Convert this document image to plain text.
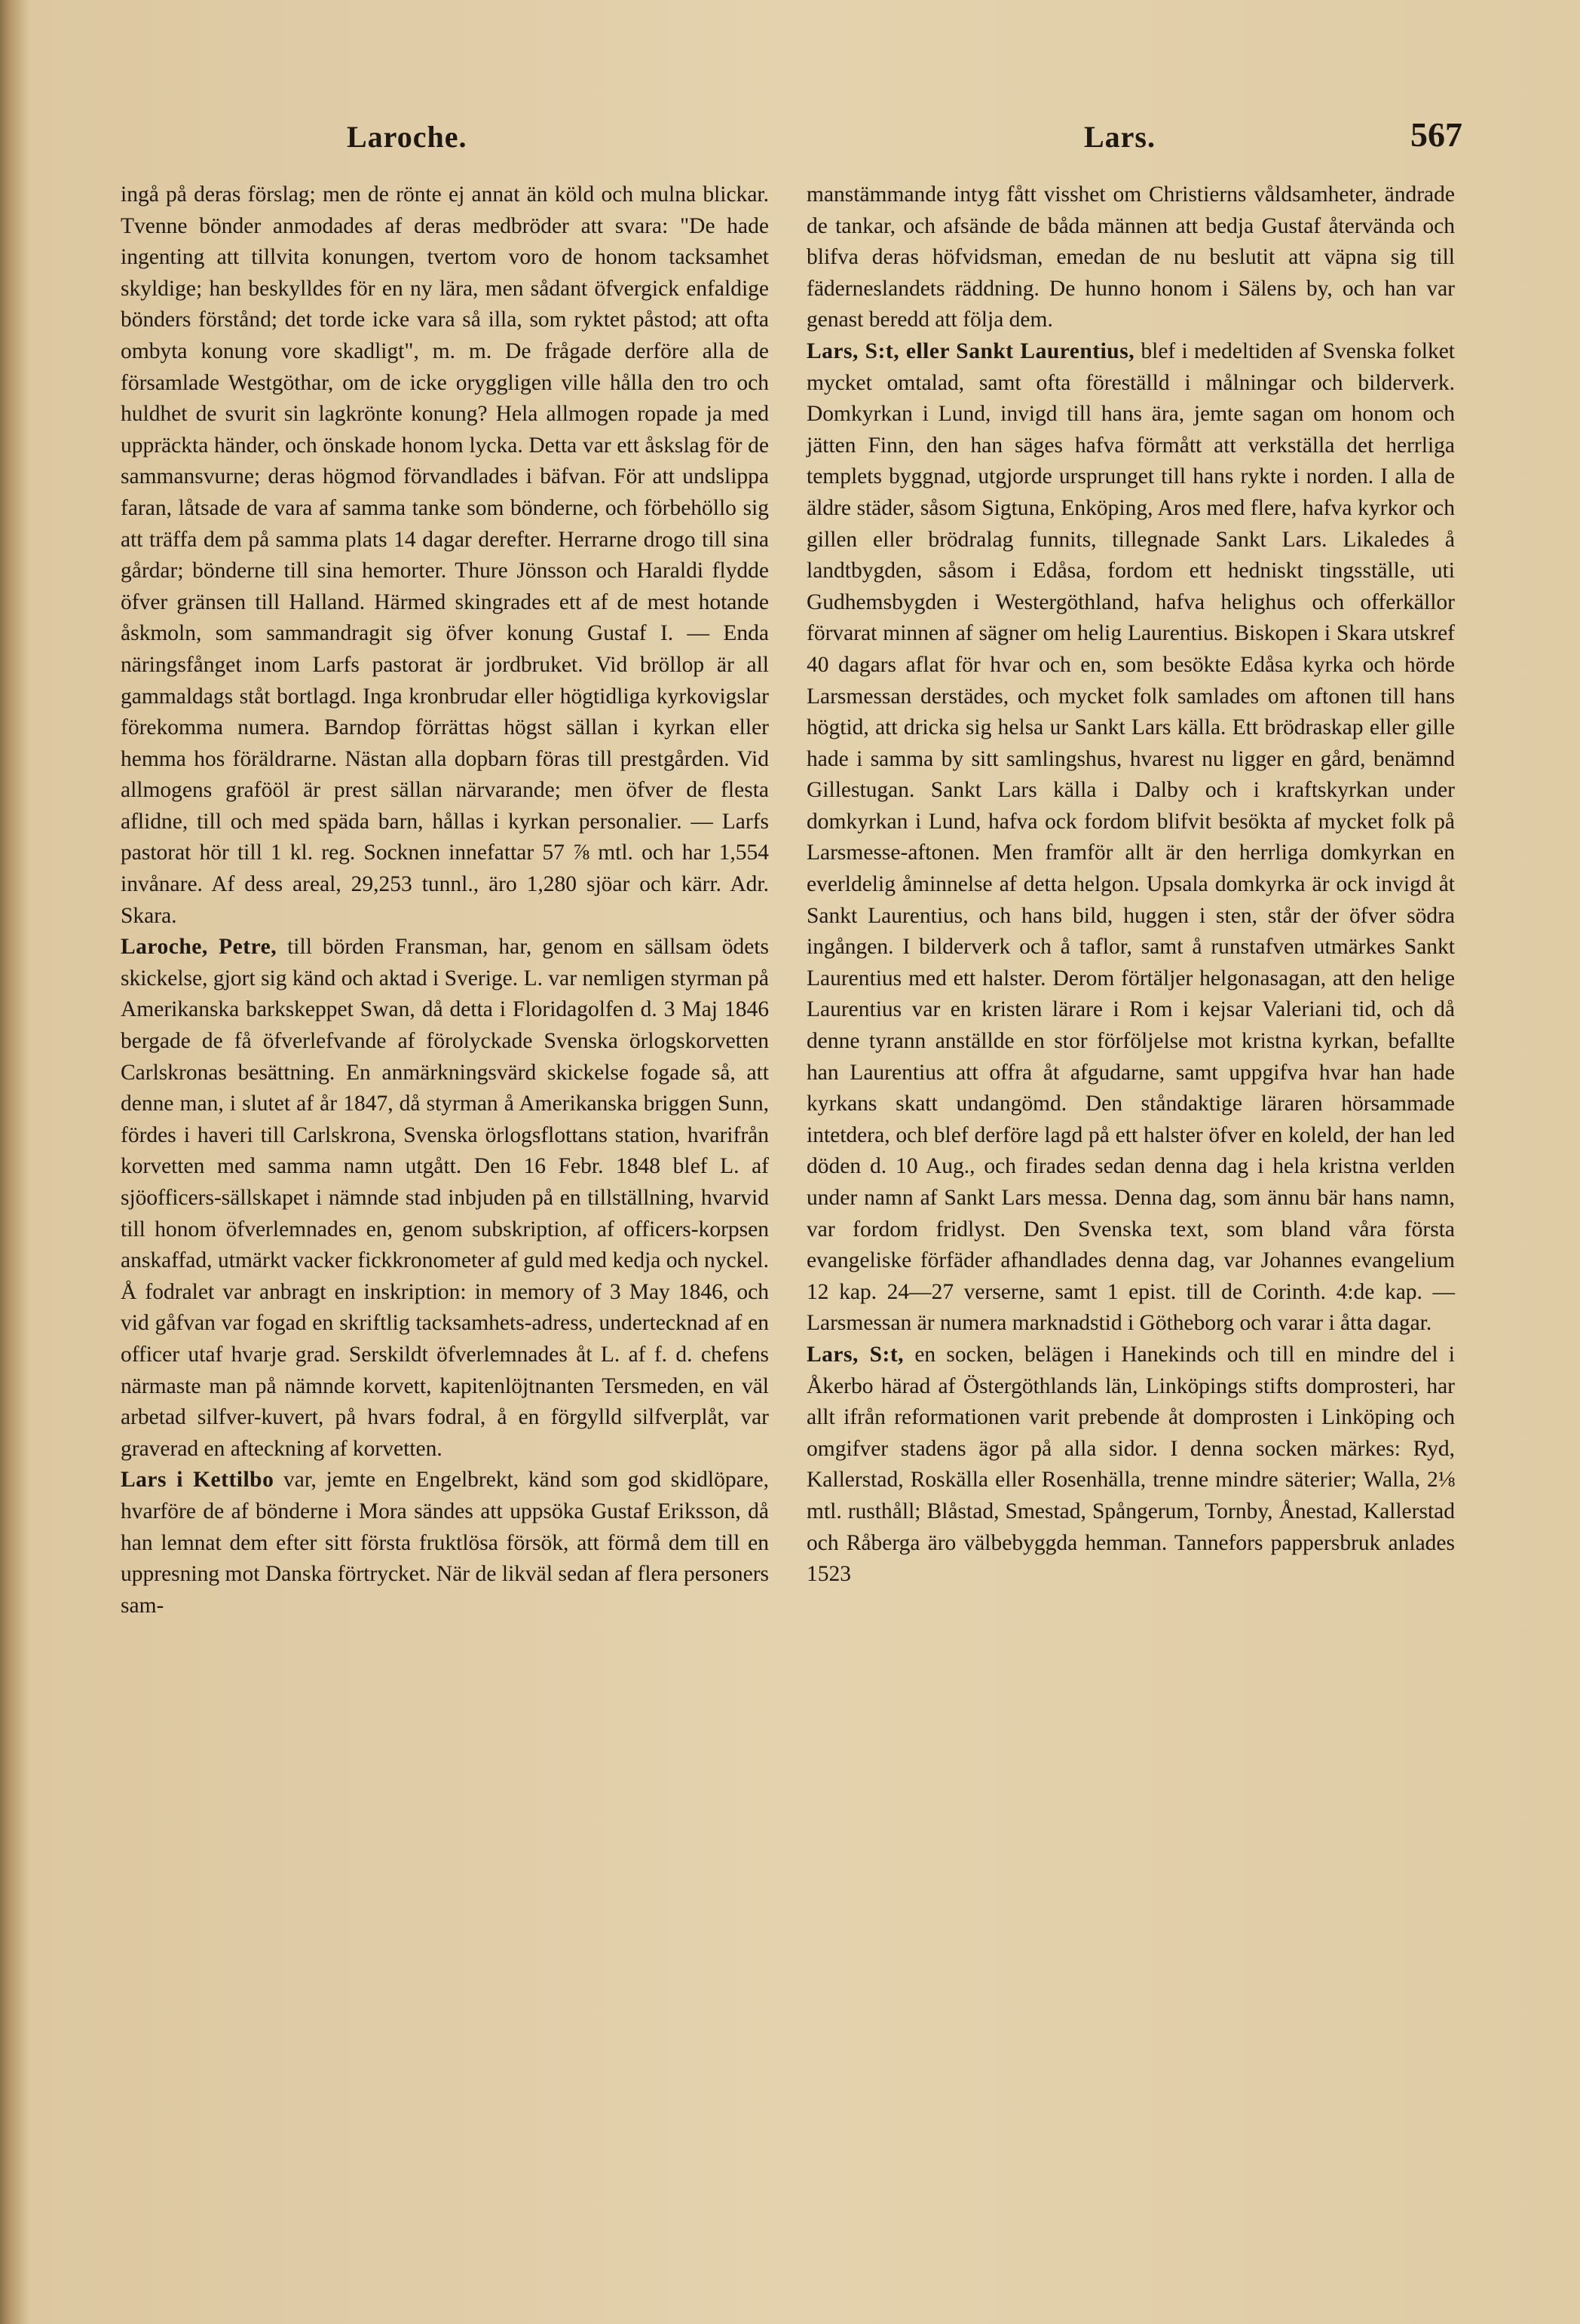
Laroche.	Lars.	567

ingå på deras förslag; men de rönte ej annat än köld och mulna blickar. Tvenne bönder anmodades af deras medbröder att svara: "De hade ingenting att tillvita konungen, tvertom voro de honom tacksamhet skyldige; han beskylldes för en ny lära, men sådant öfvergick enfaldige bönders förstånd; det torde icke vara så illa, som ryktet påstod; att ofta ombyta konung vore skadligt", m. m. De frågade derföre alla de församlade Westgöthar, om de icke oryggligen ville hålla den tro och huldhet de svurit sin lagkrönte konung? Hela allmogen ropade ja med uppräckta händer, och önskade honom lycka. Detta var ett åskslag för de sammansvurne; deras högmod förvandlades i bäfvan. För att undslippa faran, låtsade de vara af samma tanke som bönderne, och förbehöllo sig att träffa dem på samma plats 14 dagar derefter. Herrarne drogo till sina gårdar; bönderne till sina hemorter. Thure Jönsson och Haraldi flydde öfver gränsen till Halland. Härmed skingrades ett af de mest hotande åskmoln, som sammandragit sig öfver konung Gustaf I. — Enda näringsfånget inom Larfs pastorat är jordbruket. Vid bröllop är all gammaldags ståt bortlagd. Inga kronbrudar eller högtidliga kyrkovigslar förekomma numera. Barndop förrättas högst sällan i kyrkan eller hemma hos föräldrarne. Nästan alla dopbarn föras till prestgården. Vid allmogens grafööl är prest sällan närvarande; men öfver de flesta aflidne, till och med späda barn, hållas i kyrkan personalier. — Larfs pastorat hör till 1 kl. reg. Socknen innefattar 57 ⅞ mtl. och har 1,554 invånare. Af dess areal, 29,253 tunnl., äro 1,280 sjöar och kärr. Adr. Skara.

Laroche, Petre, till börden Fransman, har, genom en sällsam ödets skickelse, gjort sig känd och aktad i Sverige. L. var nemligen styrman på Amerikanska barkskeppet Swan, då detta i Floridagolfen d. 3 Maj 1846 bergade de få öfverlefvande af förolyckade Svenska örlogskorvetten Carlskronas besättning. En anmärkningsvärd skickelse fogade så, att denne man, i slutet af år 1847, då styrman å Amerikanska briggen Sunn, fördes i haveri till Carlskrona, Svenska örlogsflottans station, hvarifrån korvetten med samma namn utgått. Den 16 Febr. 1848 blef L. af sjöofficers-sällskapet i nämnde stad inbjuden på en tillställning, hvarvid till honom öfverlemnades en, genom subskription, af officers-korpsen anskaffad, utmärkt vacker fickkronometer af guld med kedja och nyckel. Å fodralet var anbragt en inskription: in memory of 3 May 1846, och vid gåfvan var fogad en skriftlig tacksamhets-adress, undertecknad af en officer utaf hvarje grad. Serskildt öfverlemnades åt L. af f. d. chefens närmaste man på nämnde korvett, kapitenlöjtnanten Tersmeden, en väl arbetad silfver-kuvert, på hvars fodral, å en förgylld silfverplåt, var graverad en afteckning af korvetten.

Lars i Kettilbo var, jemte en Engelbrekt, känd som god skidlöpare, hvarföre de af bönderne i Mora sändes att uppsöka Gustaf Eriksson, då han lemnat dem efter sitt första fruktlösa försök, att förmå dem till en uppresning mot Danska förtrycket. När de likväl sedan af flera personers sam-

manstämmande intyg fått visshet om Christierns våldsamheter, ändrade de tankar, och afsände de båda männen att bedja Gustaf återvända och blifva deras höfvidsman, emedan de nu beslutit att väpna sig till fäderneslandets räddning. De hunno honom i Sälens by, och han var genast beredd att följa dem.

Lars, S:t, eller Sankt Laurentius, blef i medeltiden af Svenska folket mycket omtalad, samt ofta föreställd i målningar och bilderverk. Domkyrkan i Lund, invigd till hans ära, jemte sagan om honom och jätten Finn, den han säges hafva förmått att verkställa det herrliga templets byggnad, utgjorde ursprunget till hans rykte i norden. I alla de äldre städer, såsom Sigtuna, Enköping, Aros med flere, hafva kyrkor och gillen eller brödralag funnits, tillegnade Sankt Lars. Likaledes å landtbygden, såsom i Edåsa, fordom ett hedniskt tingsställe, uti Gudhemsbygden i Westergöthland, hafva helighus och offerkällor förvarat minnen af sägner om helig Laurentius. Biskopen i Skara utskref 40 dagars aflat för hvar och en, som besökte Edåsa kyrka och hörde Larsmessan derstädes, och mycket folk samlades om aftonen till hans högtid, att dricka sig helsa ur Sankt Lars källa. Ett brödraskap eller gille hade i samma by sitt samlingshus, hvarest nu ligger en gård, benämnd Gillestugan. Sankt Lars källa i Dalby och i kraftskyrkan under domkyrkan i Lund, hafva ock fordom blifvit besökta af mycket folk på Larsmesse-aftonen. Men framför allt är den herrliga domkyrkan en everldelig åminnelse af detta helgon. Upsala domkyrka är ock invigd åt Sankt Laurentius, och hans bild, huggen i sten, står der öfver södra ingången. I bilderverk och å taflor, samt å runstafven utmärkes Sankt Laurentius med ett halster. Derom förtäljer helgonasagan, att den helige Laurentius var en kristen lärare i Rom i kejsar Valeriani tid, och då denne tyrann anställde en stor förföljelse mot kristna kyrkan, befallte han Laurentius att offra åt afgudarne, samt uppgifva hvar han hade kyrkans skatt undangömd. Den ståndaktige läraren hörsammade intetdera, och blef derföre lagd på ett halster öfver en koleld, der han led döden d. 10 Aug., och firades sedan denna dag i hela kristna verlden under namn af Sankt Lars messa. Denna dag, som ännu bär hans namn, var fordom fridlyst. Den Svenska text, som bland våra första evangeliske förfäder afhandlades denna dag, var Johannes evangelium 12 kap. 24—27 verserne, samt 1 epist. till de Corinth. 4:de kap. — Larsmessan är numera marknadstid i Götheborg och varar i åtta dagar.

Lars, S:t, en socken, belägen i Hanekinds och till en mindre del i Åkerbo härad af Östergöthlands län, Linköpings stifts domprosteri, har allt ifrån reformationen varit prebende åt domprosten i Linköping och omgifver stadens ägor på alla sidor. I denna socken märkes: Ryd, Kallerstad, Roskälla eller Rosenhälla, trenne mindre säterier; Walla, 2⅛ mtl. rusthåll; Blåstad, Smestad, Spångerum, Tornby, Ånestad, Kallerstad och Råberga äro välbebyggda hemman. Tannefors pappersbruk anlades 1523
